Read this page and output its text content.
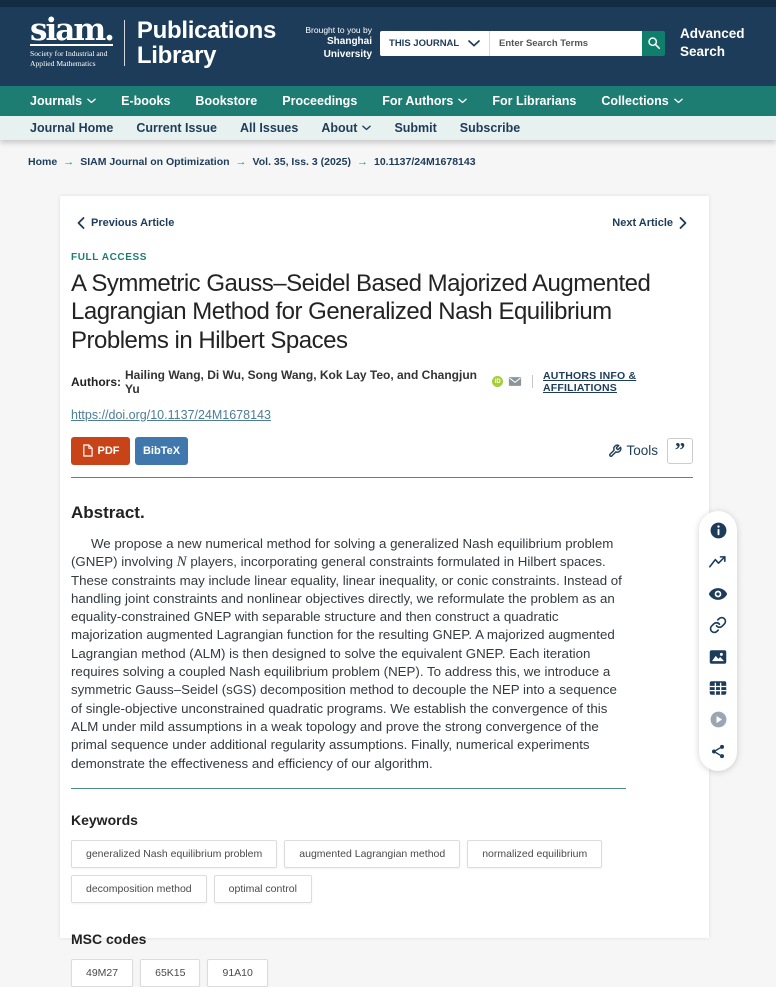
siam.
Society for Industrial and
Applied Mathematics
Publications
Library
Brought to you by
Shanghai
University
THIS JOURNAL
Enter Search Terms
Advanced
Search
Journals	E-books Bookstore Proceedings For Authors	For Librarians Collections
Journal Home Current Issue All Issues About	Submit Subscribe
Home → SIAM Journal on Optimization → Vol. 35, Iss. 3 (2025) → 10.1137/24M1678143
Previous Article	Next Article
FULL ACCESS
A Symmetric Gauss–Seidel Based Majorized Augmented Lagrangian Method for Generalized Nash Equilibrium Problems in Hilbert Spaces
Authors: Hailing Wang, Di Wu, Song Wang, Kok Lay Teo, and Changjun Yu	iD	AUTHORS INFO & AFFILIATIONS
https://doi.org/10.1137/24M1678143
PDF BibTeX	Tools ”
Abstract.

We propose a new numerical method for solving a generalized Nash equilibrium problem (GNEP) involving N players, incorporating general constraints formulated in Hilbert spaces. These constraints may include linear equality, linear inequality, or conic constraints. Instead of handling joint constraints and nonlinear objectives directly, we reformulate the problem as an equality-constrained GNEP with separable structure and then construct a quadratic majorization augmented Lagrangian function for the resulting GNEP. A majorized augmented Lagrangian method (ALM) is then designed to solve the equivalent GNEP. Each iteration requires solving a coupled Nash equilibrium problem (NEP). To address this, we introduce a symmetric Gauss–Seidel (sGS) decomposition method to decouple the NEP into a sequence of single-objective unconstrained quadratic programs. We establish the convergence of this ALM under mild assumptions in a weak topology and prove the strong convergence of the primal sequence under additional regularity assumptions. Finally, numerical experiments demonstrate the effectiveness and efficiency of our algorithm.

Keywords
generalized Nash equilibrium problem	augmented Lagrangian method	normalized equilibrium
decomposition method	optimal control
MSC codes
49M27	65K15	91A10
